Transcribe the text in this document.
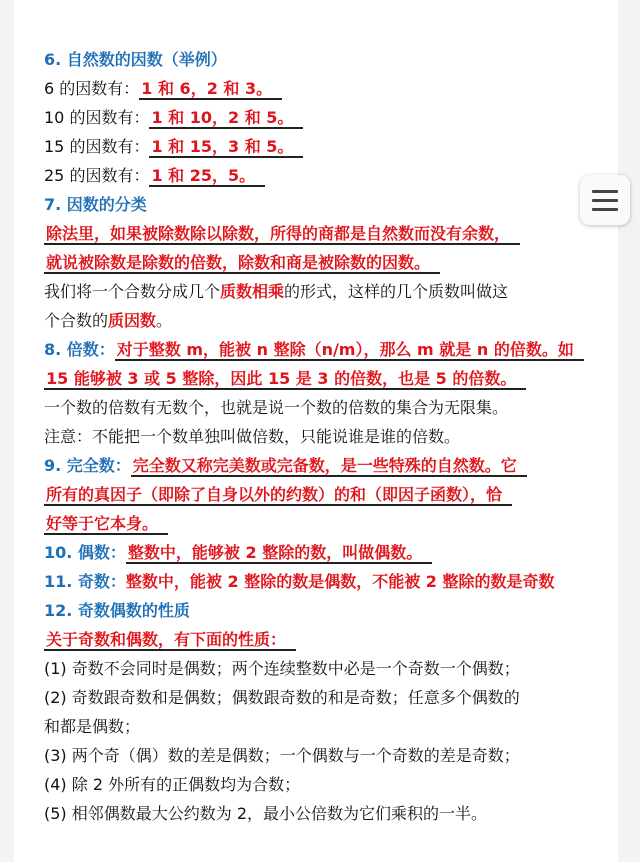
6. 自然数的因数（举例）
6 的因数有： 1 和 6，2 和 3。
10 的因数有： 1 和 10，2 和 5。
15 的因数有： 1 和 15，3 和 5。
25 的因数有： 1 和 25，5。
7. 因数的分类
除法里，如果被除数除以除数，所得的商都是自然数而没有余数，
就说被除数是除数的倍数，除数和商是被除数的因数。
我们将一个合数分成几个质数相乘的形式，这样的几个质数叫做这
个合数的质因数。
8. 倍数： 对于整数 m，能被 n 整除（n/m），那么 m 就是 n 的倍数。如
15 能够被 3 或 5 整除，因此 15 是 3 的倍数，也是 5 的倍数。
一个数的倍数有无数个，也就是说一个数的倍数的集合为无限集。
注意：不能把一个数单独叫做倍数，只能说谁是谁的倍数。
9. 完全数： 完全数又称完美数或完备数，是一些特殊的自然数。它
所有的真因子（即除了自身以外的约数）的和（即因子函数），恰
好等于它本身。
10. 偶数： 整数中，能够被 2 整除的数，叫做偶数。
11. 奇数：整数中，能被 2 整除的数是偶数，不能被 2 整除的数是奇数
12. 奇数偶数的性质
关于奇数和偶数，有下面的性质：
(1) 奇数不会同时是偶数；两个连续整数中必是一个奇数一个偶数；
(2) 奇数跟奇数和是偶数；偶数跟奇数的和是奇数；任意多个偶数的
和都是偶数；
(3) 两个奇（偶）数的差是偶数；一个偶数与一个奇数的差是奇数；
(4) 除 2 外所有的正偶数均为合数；
(5) 相邻偶数最大公约数为 2，最小公倍数为它们乘积的一半。
